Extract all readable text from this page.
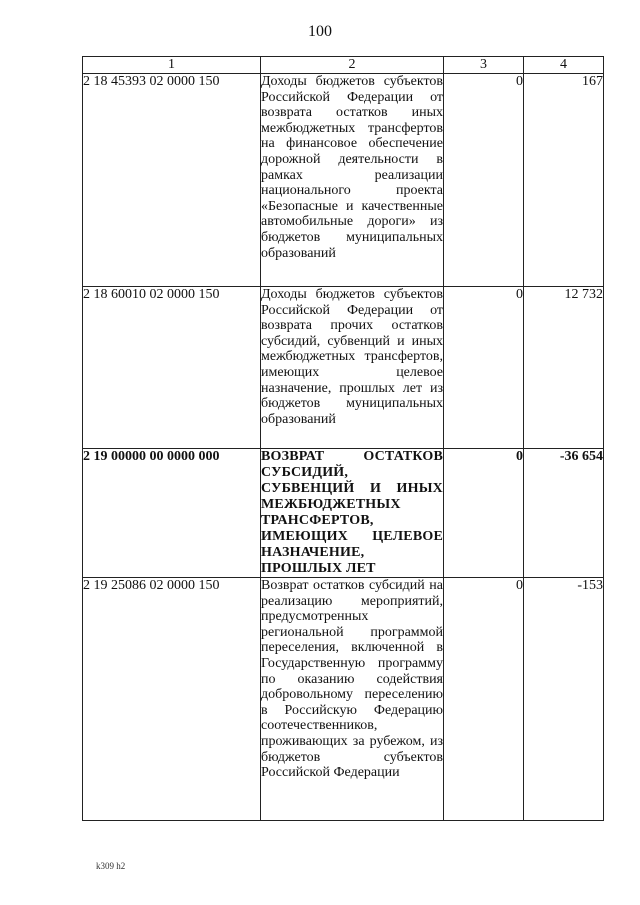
100
1	2	3	4
2 18 45393 02 0000 150	Доходы бюджетов субъектов Российской Федерации от возврата остатков иных межбюджетных трансфертов на финансовое обеспечение дорожной деятельности в рамках реализации национального проекта «Безопасные и качественные автомобильные дороги» из бюджетов муниципальных образований	0	167
2 18 60010 02 0000 150	Доходы бюджетов субъектов Российской Федерации от возврата прочих остатков субсидий, субвенций и иных межбюджетных трансфертов, имеющих целевое назначение, прошлых лет из бюджетов муниципальных образований	0	12 732
2 19 00000 00 0000 000	ВОЗВРАТ ОСТАТКОВ СУБСИДИЙ, СУБВЕНЦИЙ И ИНЫХ МЕЖБЮДЖЕТНЫХ ТРАНСФЕРТОВ, ИМЕЮЩИХ ЦЕЛЕВОЕ НАЗНАЧЕНИЕ, ПРОШЛЫХ ЛЕТ	0	-36 654
2 19 25086 02 0000 150	Возврат остатков субсидий на реализацию мероприятий, предусмотренных региональной программой переселения, включенной в Государственную программу по оказанию содействия добровольному переселению в Российскую Федерацию соотечественников, проживающих за рубежом, из бюджетов субъектов Российской Федерации	0	-153
k309 h2
